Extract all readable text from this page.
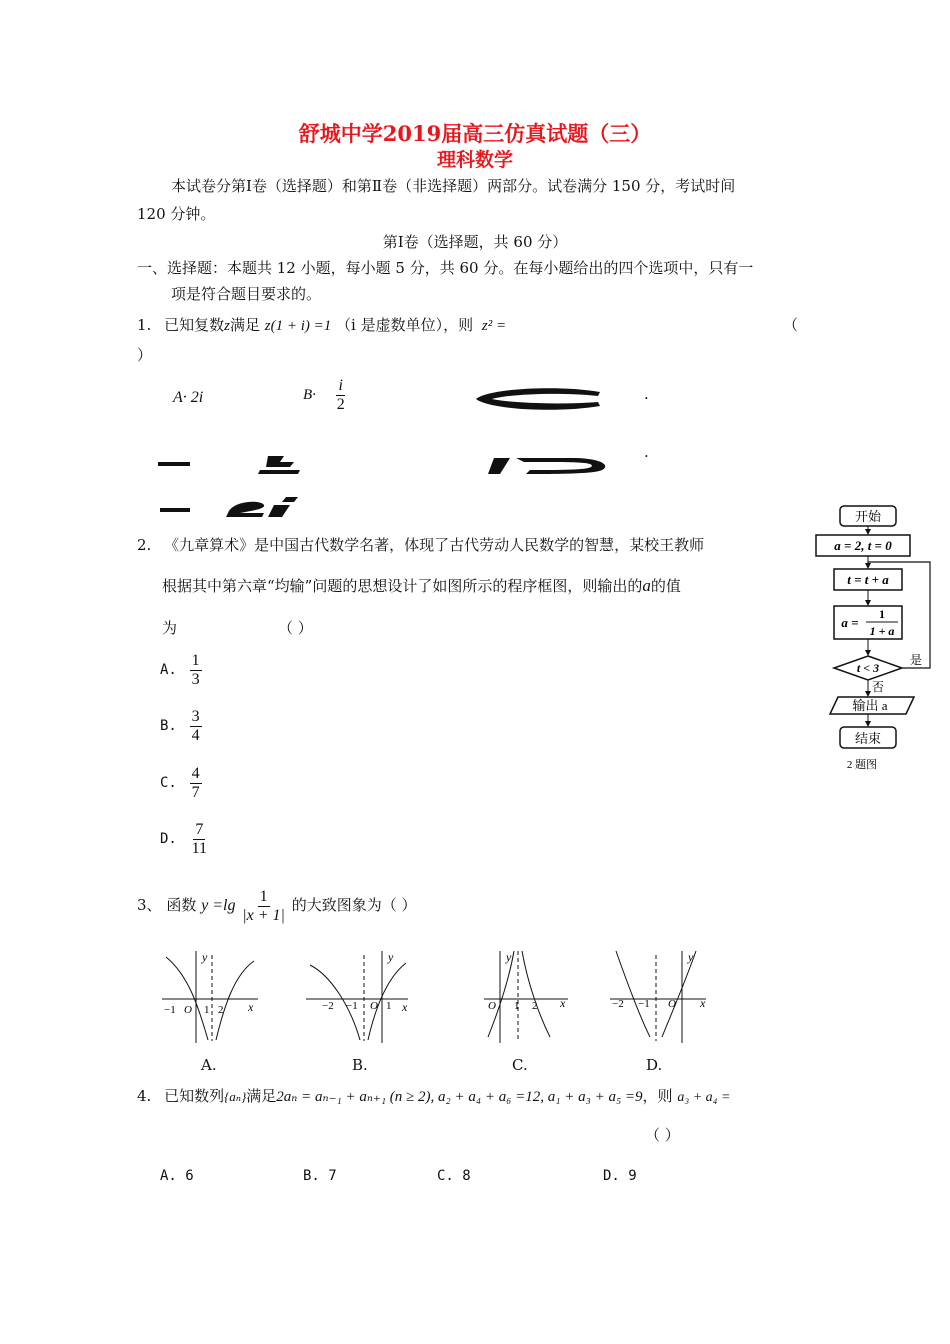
舒城中学2019届高三仿真试题（三）
理科数学
本试卷分第Ⅰ卷（选择题）和第Ⅱ卷（非选择题）两部分。试卷满分 150 分，考试时间
120 分钟。
第Ⅰ卷（选择题，共 60 分）
一、选择题：本题共 12 小题，每小题 5 分，共 60 分。在每小题给出的四个选项中，只有一
项是符合题目要求的。
1. 已知复数z满足 z(1 + i) =1 （i 是虚数单位），则 z² =	（
）
A· 2i	$B\cdot \frac{i}{2}$	·
·
2. 《九章算术》是中国古代数学名著，体现了古代劳动人民数学的智慧，某校王教师
根据其中第六章“均输”问题的思想设计了如图所示的程序框图，则输出的a的值
为	（ ）
A. $\frac{1}{3}$
B. $\frac{3}{4}$
C. $\frac{4}{7}$
D. $\frac{7}{11}$
开始
a = 2, t = 0
t = t + a
a =
1
1 + a
t < 3
是
否
输出 a
结束
2 题图
3、 函数 $y =\lg \frac{1}{|x + 1|}$ 的大致图象为（ ）
y
x
−1 O 1 2
A.
y
x
−2 −1 O 1
B.
y
x
O 1 2
C.
y
x
−2 −1 O
D.
4. 已知数列{aₙ}满足2aₙ = aₙ₋₁ + aₙ₊₁ (n ≥ 2), a₂ + a₄ + a₆ =12, a₁ + a₃ + a₅ =9，则 a₃ + a₄ =
（ ）
A. 6	B. 7	C. 8	D. 9
